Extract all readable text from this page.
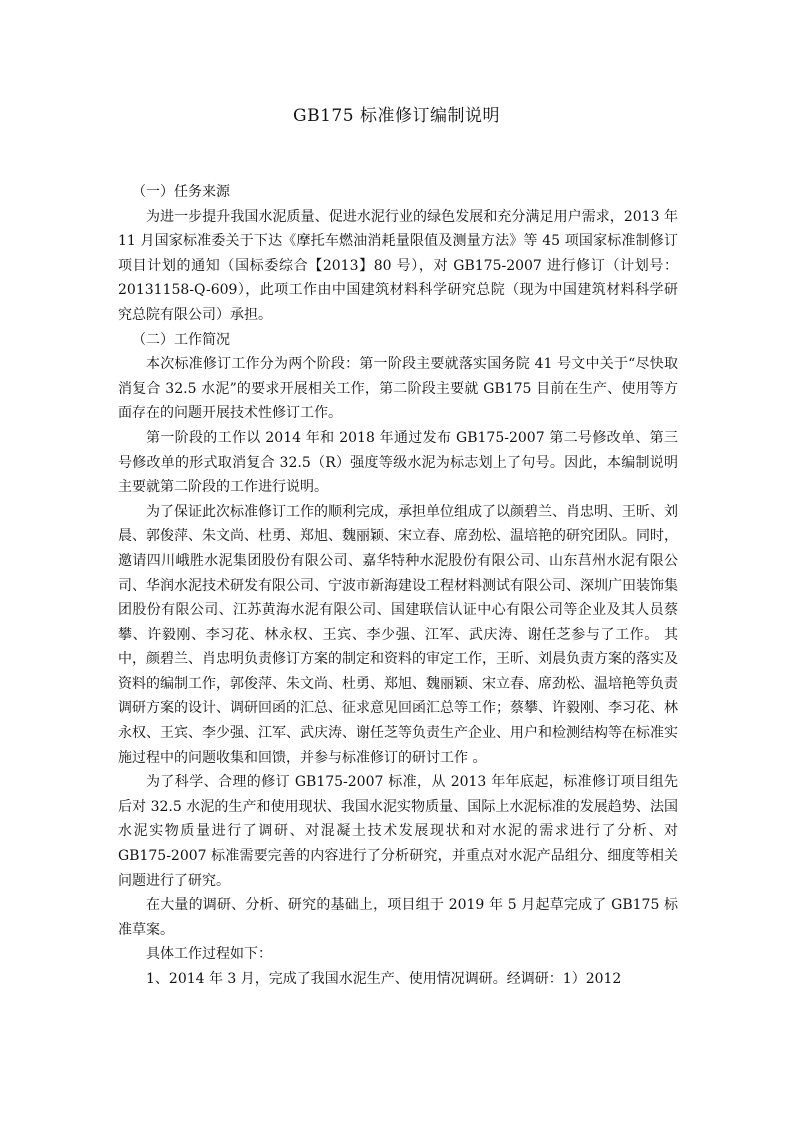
GB175 标准修订编制说明

（一）任务来源

为进一步提升我国水泥质量、促进水泥行业的绿色发展和充分满足用户需求，2013 年 11 月国家标准委关于下达《摩托车燃油消耗量限值及测量方法》等 45 项国家标准制修订项目计划的通知（国标委综合【2013】80 号），对 GB175-2007 进行修订（计划号：20131158-Q-609），此项工作由中国建筑材料科学研究总院（现为中国建筑材料科学研究总院有限公司）承担。

（二）工作简况

本次标准修订工作分为两个阶段：第一阶段主要就落实国务院 41 号文中关于“尽快取消复合 32.5 水泥”的要求开展相关工作，第二阶段主要就 GB175 目前在生产、使用等方面存在的问题开展技术性修订工作。

第一阶段的工作以 2014 年和 2018 年通过发布 GB175-2007 第二号修改单、第三号修改单的形式取消复合 32.5（R）强度等级水泥为标志划上了句号。因此，本编制说明主要就第二阶段的工作进行说明。

为了保证此次标准修订工作的顺利完成，承担单位组成了以颜碧兰、肖忠明、王昕、刘晨、郭俊萍、朱文尚、杜勇、郑旭、魏丽颖、宋立春、席劲松、温培艳的研究团队。同时，邀请四川峨胜水泥集团股份有限公司、嘉华特种水泥股份有限公司、山东莒州水泥有限公司、华润水泥技术研发有限公司、宁波市新海建设工程材料测试有限公司、深圳广田装饰集团股份有限公司、江苏黄海水泥有限公司、国建联信认证中心有限公司等企业及其人员蔡攀、许毅刚、李习花、林永权、王宾、李少强、江军、武庆涛、谢任芝参与了工作。 其中，颜碧兰、肖忠明负责修订方案的制定和资料的审定工作，王昕、刘晨负责方案的落实及资料的编制工作，郭俊萍、朱文尚、杜勇、郑旭、魏丽颖、宋立春、席劲松、温培艳等负责调研方案的设计、调研回函的汇总、征求意见回函汇总等工作；蔡攀、许毅刚、李习花、林永权、王宾、李少强、江军、武庆涛、谢任芝等负责生产企业、用户和检测结构等在标准实施过程中的问题收集和回馈，并参与标准修订的研讨工作 。

为了科学、合理的修订 GB175-2007 标准，从 2013 年年底起，标准修订项目组先后对 32.5 水泥的生产和使用现状、我国水泥实物质量、国际上水泥标准的发展趋势、法国水泥实物质量进行了调研、对混凝土技术发展现状和对水泥的需求进行了分析、对 GB175-2007 标准需要完善的内容进行了分析研究，并重点对水泥产品组分、细度等相关问题进行了研究。

在大量的调研、分析、研究的基础上，项目组于 2019 年 5 月起草完成了 GB175 标准草案。

具体工作过程如下：

1、2014 年 3 月，完成了我国水泥生产、使用情况调研。经调研：1）2012
